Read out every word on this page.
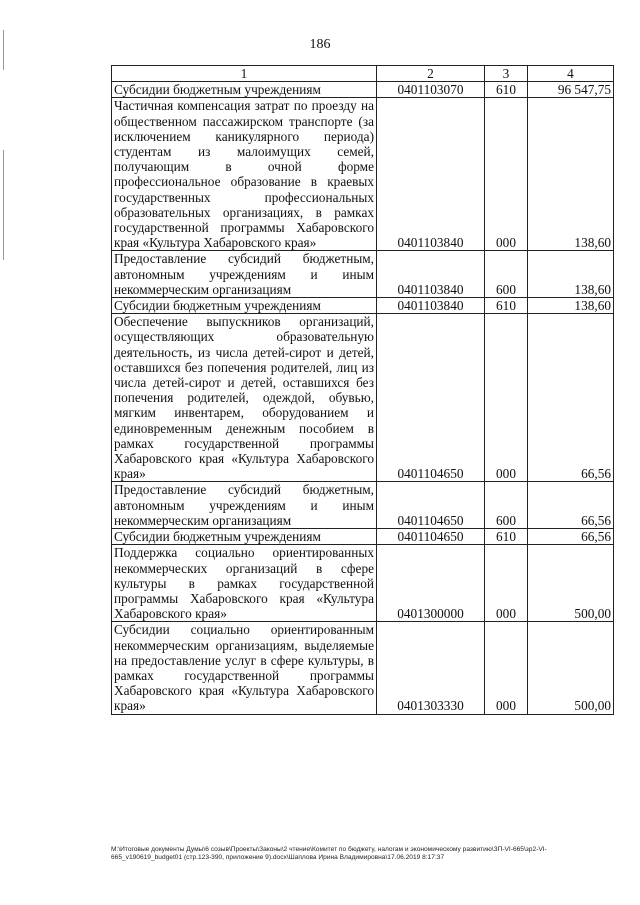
186
1	2	3	4
Субсидии бюджетным учреждениям	0401103070	610	96 547,75
Частичная компенсация затрат по проезду на общественном пассажирском транспорте (за исключением каникулярного периода) студентам из малоимущих семей, получающим в очной форме профессиональное образование в краевых государственных профессиональных образовательных организациях, в рамках государственной программы Хабаровского края «Культура Хабаровского края»	0401103840	000	138,60
Предоставление субсидий бюджетным, автономным учреждениям и иным некоммерческим организациям	0401103840	600	138,60
Субсидии бюджетным учреждениям	0401103840	610	138,60
Обеспечение выпускников организаций, осуществляющих образовательную деятельность, из числа детей-сирот и детей, оставшихся без попечения родителей, лиц из числа детей-сирот и детей, оставшихся без попечения родителей, одеждой, обувью, мягким инвентарем, оборудованием и единовременным денежным пособием в рамках государственной программы Хабаровского края «Культура Хабаровского края»	0401104650	000	66,56
Предоставление субсидий бюджетным, автономным учреждениям и иным некоммерческим организациям	0401104650	600	66,56
Субсидии бюджетным учреждениям	0401104650	610	66,56
Поддержка социально ориентированных некоммерческих организаций в сфере культуры в рамках государственной программы Хабаровского края «Культура Хабаровского края»	0401300000	000	500,00
Субсидии социально ориентированным некоммерческим организациям, выделяемые на предоставление услуг в сфере культуры, в рамках государственной программы Хабаровского края «Культура Хабаровского края»	0401303330	000	500,00
M:\Итоговые документы Думы\6 созыв\Проекты\Законы\2 чтение\Комитет по бюджету, налогам и экономическому развитию\ЗП-VI-665\зр2-VI-665_v190619_budget01 (стр.123-390, приложение 9).docx\Шаплова Ирина Владимировна\17.06.2019 8:17:37
